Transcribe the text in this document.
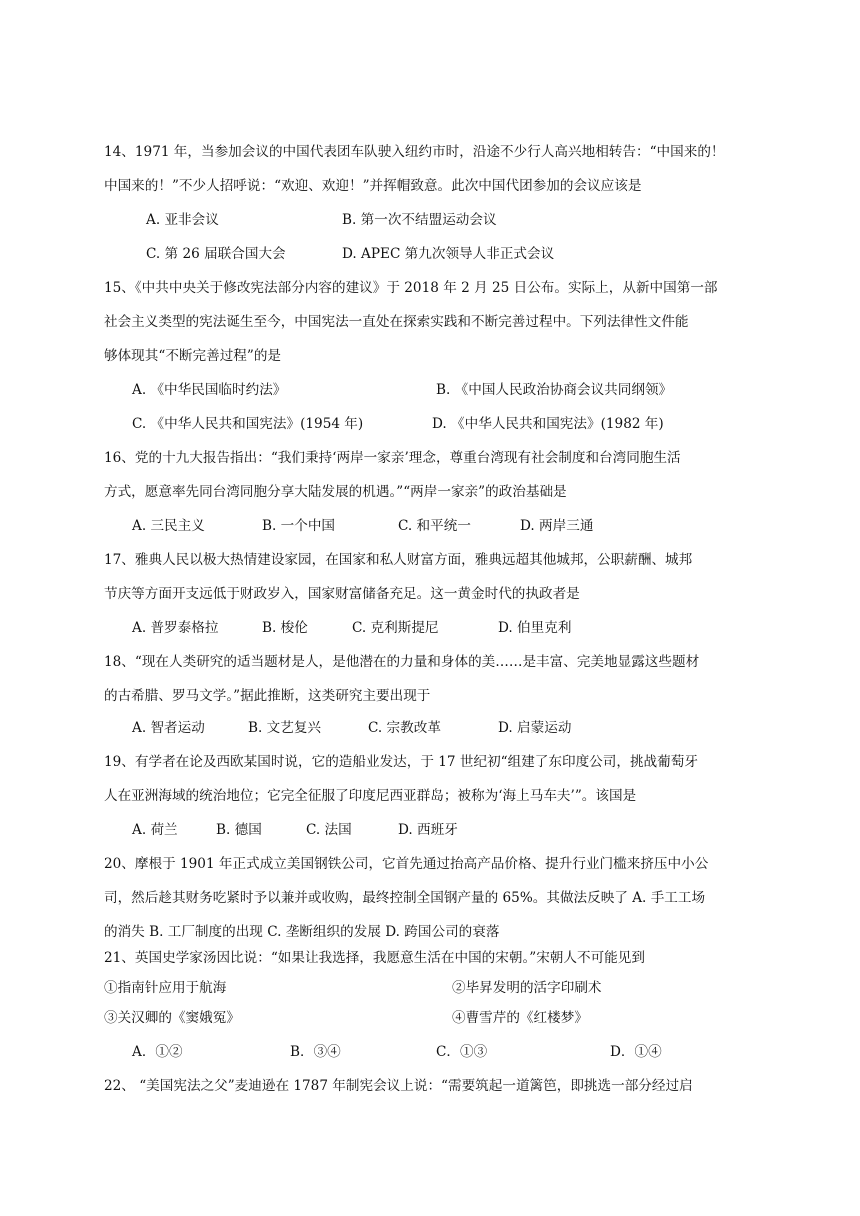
14、1971 年，当参加会议的中国代表团车队驶入纽约市时，沿途不少行人高兴地相转告：“中国来的！
中国来的！”不少人招呼说：“欢迎、欢迎！”并挥帽致意。此次中国代团参加的会议应该是
A. 亚非会议	B. 第一次不结盟运动会议
C. 第 26 届联合国大会	D. APEC 第九次领导人非正式会议
15、《中共中央关于修改宪法部分内容的建议》于 2018 年 2 月 25 日公布。实际上，从新中国第一部
社会主义类型的宪法诞生至今，中国宪法一直处在探索实践和不断完善过程中。下列法律性文件能
够体现其“不断完善过程”的是
A. 《中华民国临时约法》	B. 《中国人民政治协商会议共同纲领》
C. 《中华人民共和国宪法》(1954 年)	D. 《中华人民共和国宪法》(1982 年)
16、党的十九大报告指出：“我们秉持‘两岸一家亲’理念，尊重台湾现有社会制度和台湾同胞生活
方式，愿意率先同台湾同胞分享大陆发展的机遇。”“两岸一家亲”的政治基础是
A. 三民主义	B. 一个中国	C. 和平统一	D. 两岸三通
17、雅典人民以极大热情建设家园，在国家和私人财富方面，雅典远超其他城邦，公职薪酬、城邦
节庆等方面开支远低于财政岁入，国家财富储备充足。这一黄金时代的执政者是
A. 普罗泰格拉	B. 梭伦	C. 克利斯提尼	D. 伯里克利
18、“现在人类研究的适当题材是人，是他潜在的力量和身体的美……是丰富、完美地显露这些题材
的古希腊、罗马文学。”据此推断，这类研究主要出现于
A. 智者运动	B. 文艺复兴	C. 宗教改革	D. 启蒙运动
19、有学者在论及西欧某国时说，它的造船业发达，于 17 世纪初“组建了东印度公司，挑战葡萄牙
人在亚洲海域的统治地位；它完全征服了印度尼西亚群岛；被称为‘海上马车夫’”。该国是
A. 荷兰	B. 德国	C. 法国	D. 西班牙
20、摩根于 1901 年正式成立美国钢铁公司，它首先通过抬高产品价格、提升行业门槛来挤压中小公
司，然后趁其财务吃紧时予以兼并或收购，最终控制全国钢产量的 65%。其做法反映了 A. 手工工场
的消失 B. 工厂制度的出现 C. 垄断组织的发展 D. 跨国公司的衰落
21、英国史学家汤因比说：“如果让我选择，我愿意生活在中国的宋朝。”宋朝人不可能见到
①指南针应用于航海	②毕昇发明的活字印刷术
③关汉卿的《窦娥冤》	④曹雪芹的《红楼梦》
A．①②	B．③④	C．①③	D．①④
22、 “美国宪法之父”麦迪逊在 1787 年制宪会议上说：“需要筑起一道篱笆，即挑选一部分经过启
